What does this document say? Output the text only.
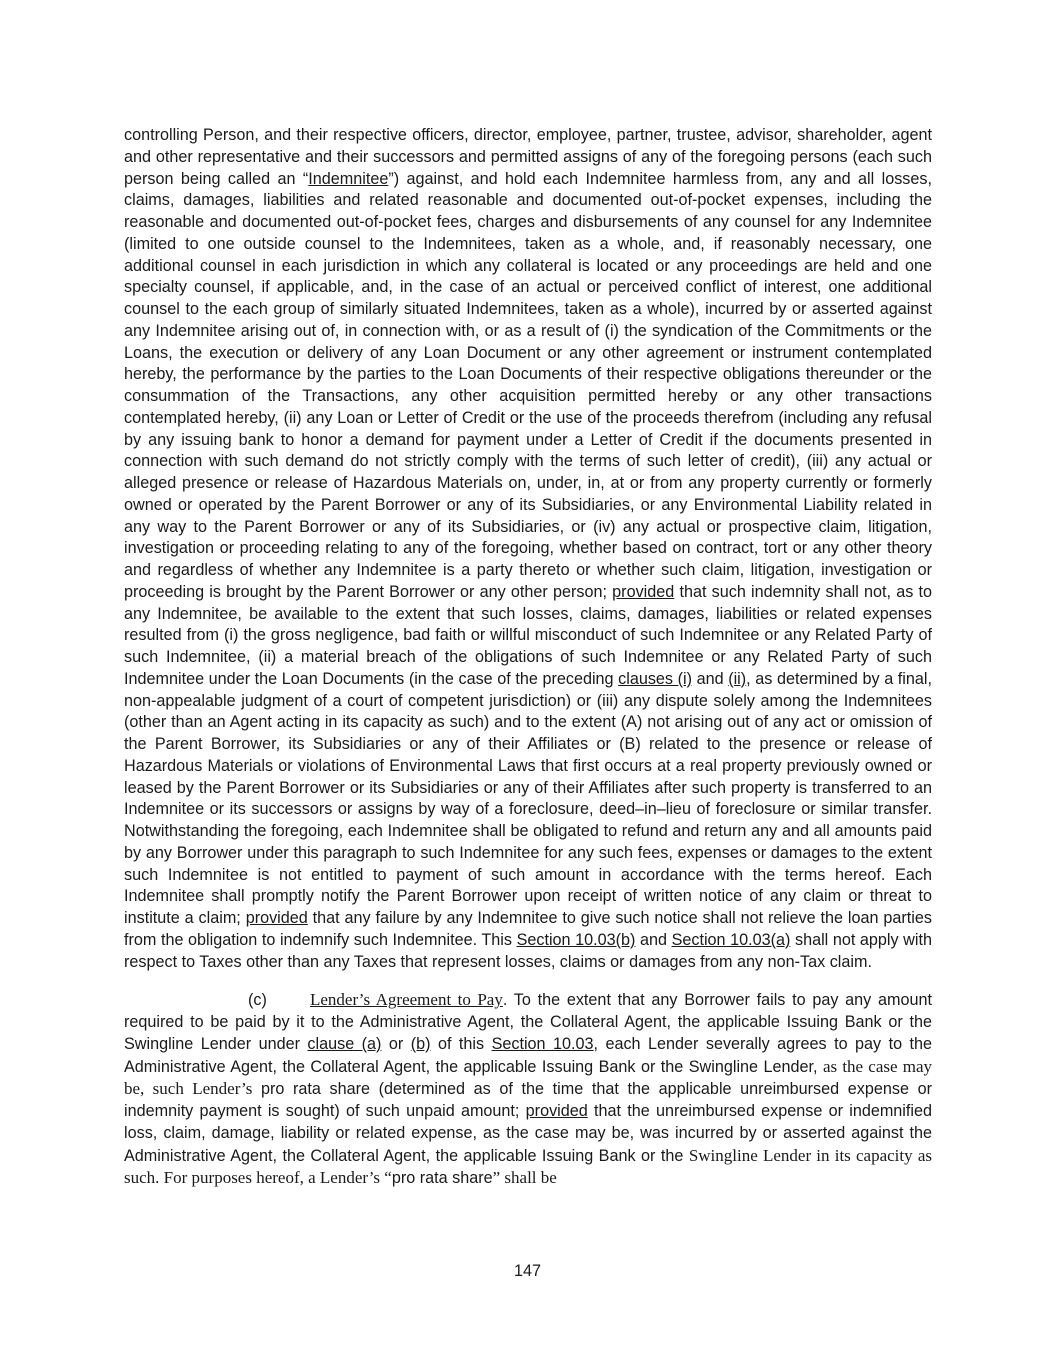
controlling Person, and their respective officers, director, employee, partner, trustee, advisor, shareholder, agent and other representative and their successors and permitted assigns of any of the foregoing persons (each such person being called an “Indemnitee”) against, and hold each Indemnitee harmless from, any and all losses, claims, damages, liabilities and related reasonable and documented out-of-pocket expenses, including the reasonable and documented out-of-pocket fees, charges and disbursements of any counsel for any Indemnitee (limited to one outside counsel to the Indemnitees, taken as a whole, and, if reasonably necessary, one additional counsel in each jurisdiction in which any collateral is located or any proceedings are held and one specialty counsel, if applicable, and, in the case of an actual or perceived conflict of interest, one additional counsel to the each group of similarly situated Indemnitees, taken as a whole), incurred by or asserted against any Indemnitee arising out of, in connection with, or as a result of (i) the syndication of the Commitments or the Loans, the execution or delivery of any Loan Document or any other agreement or instrument contemplated hereby, the performance by the parties to the Loan Documents of their respective obligations thereunder or the consummation of the Transactions, any other acquisition permitted hereby or any other transactions contemplated hereby, (ii) any Loan or Letter of Credit or the use of the proceeds therefrom (including any refusal by any issuing bank to honor a demand for payment under a Letter of Credit if the documents presented in connection with such demand do not strictly comply with the terms of such letter of credit), (iii) any actual or alleged presence or release of Hazardous Materials on, under, in, at or from any property currently or formerly owned or operated by the Parent Borrower or any of its Subsidiaries, or any Environmental Liability related in any way to the Parent Borrower or any of its Subsidiaries, or (iv) any actual or prospective claim, litigation, investigation or proceeding relating to any of the foregoing, whether based on contract, tort or any other theory and regardless of whether any Indemnitee is a party thereto or whether such claim, litigation, investigation or proceeding is brought by the Parent Borrower or any other person; provided that such indemnity shall not, as to any Indemnitee, be available to the extent that such losses, claims, damages, liabilities or related expenses resulted from (i) the gross negligence, bad faith or willful misconduct of such Indemnitee or any Related Party of such Indemnitee, (ii) a material breach of the obligations of such Indemnitee or any Related Party of such Indemnitee under the Loan Documents (in the case of the preceding clauses (i) and (ii), as determined by a final, non-appealable judgment of a court of competent jurisdiction) or (iii) any dispute solely among the Indemnitees (other than an Agent acting in its capacity as such) and to the extent (A) not arising out of any act or omission of the Parent Borrower, its Subsidiaries or any of their Affiliates or (B) related to the presence or release of Hazardous Materials or violations of Environmental Laws that first occurs at a real property previously owned or leased by the Parent Borrower or its Subsidiaries or any of their Affiliates after such property is transferred to an Indemnitee or its successors or assigns by way of a foreclosure, deed–in–lieu of foreclosure or similar transfer. Notwithstanding the foregoing, each Indemnitee shall be obligated to refund and return any and all amounts paid by any Borrower under this paragraph to such Indemnitee for any such fees, expenses or damages to the extent such Indemnitee is not entitled to payment of such amount in accordance with the terms hereof. Each Indemnitee shall promptly notify the Parent Borrower upon receipt of written notice of any claim or threat to institute a claim; provided that any failure by any Indemnitee to give such notice shall not relieve the loan parties from the obligation to indemnify such Indemnitee. This Section 10.03(b) and Section 10.03(a) shall not apply with respect to Taxes other than any Taxes that represent losses, claims or damages from any non-Tax claim.

(c)	Lender’s Agreement to Pay. To the extent that any Borrower fails to pay any amount required to be paid by it to the Administrative Agent, the Collateral Agent, the applicable Issuing Bank or the Swingline Lender under clause (a) or (b) of this Section 10.03, each Lender severally agrees to pay to the Administrative Agent, the Collateral Agent, the applicable Issuing Bank or the Swingline Lender, as the case may be, such Lender’s pro rata share (determined as of the time that the applicable unreimbursed expense or indemnity payment is sought) of such unpaid amount; provided that the unreimbursed expense or indemnified loss, claim, damage, liability or related expense, as the case may be, was incurred by or asserted against the Administrative Agent, the Collateral Agent, the applicable Issuing Bank or the Swingline Lender in its capacity as such. For purposes hereof, a Lender’s “pro rata share” shall be

147
